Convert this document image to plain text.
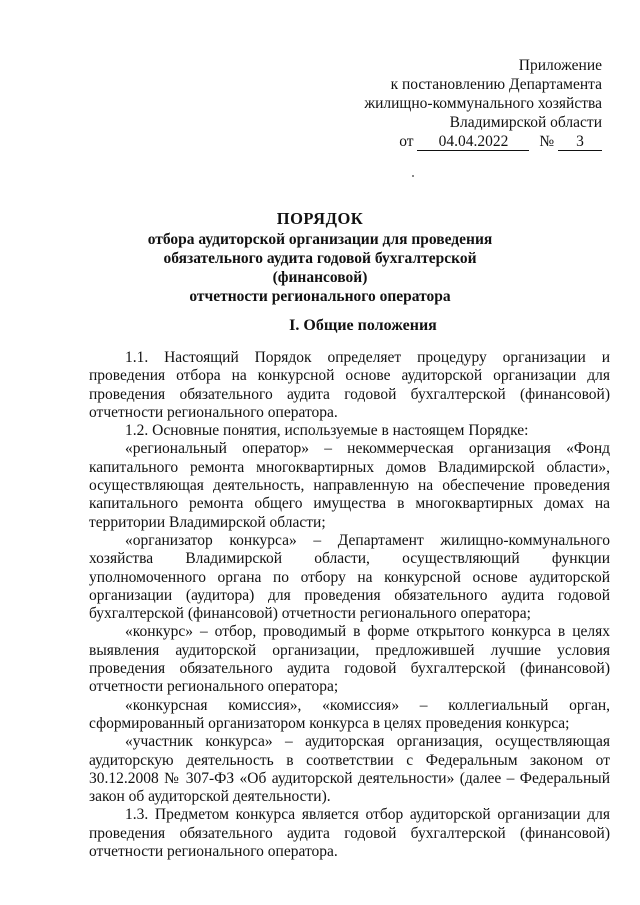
Приложение
к постановлению Департамента
жилищно-коммунального хозяйства
Владимирской области
от 04.04.2022 № 3
ПОРЯДОК
отбора аудиторской организации для проведения
обязательного аудита годовой бухгалтерской (финансовой)
отчетности регионального оператора
I. Общие положения

1.1. Настоящий Порядок определяет процедуру организации и проведения отбора на конкурсной основе аудиторской организации для проведения обязательного аудита годовой бухгалтерской (финансовой) отчетности регионального оператора.

1.2. Основные понятия, используемые в настоящем Порядке:

«региональный оператор» – некоммерческая организация «Фонд капитального ремонта многоквартирных домов Владимирской области», осуществляющая деятельность, направленную на обеспечение проведения капитального ремонта общего имущества в многоквартирных домах на территории Владимирской области;

«организатор конкурса» – Департамент жилищно-коммунального хозяйства Владимирской области, осуществляющий функции уполномоченного органа по отбору на конкурсной основе аудиторской организации (аудитора) для проведения обязательного аудита годовой бухгалтерской (финансовой) отчетности регионального оператора;

«конкурс» – отбор, проводимый в форме открытого конкурса в целях выявления аудиторской организации, предложившей лучшие условия проведения обязательного аудита годовой бухгалтерской (финансовой) отчетности регионального оператора;

«конкурсная комиссия», «комиссия» – коллегиальный орган, сформированный организатором конкурса в целях проведения конкурса;

«участник конкурса» – аудиторская организация, осуществляющая аудиторскую деятельность в соответствии с Федеральным законом от 30.12.2008 № 307-ФЗ «Об аудиторской деятельности» (далее – Федеральный закон об аудиторской деятельности).

1.3. Предметом конкурса является отбор аудиторской организации для проведения обязательного аудита годовой бухгалтерской (финансовой) отчетности регионального оператора.
